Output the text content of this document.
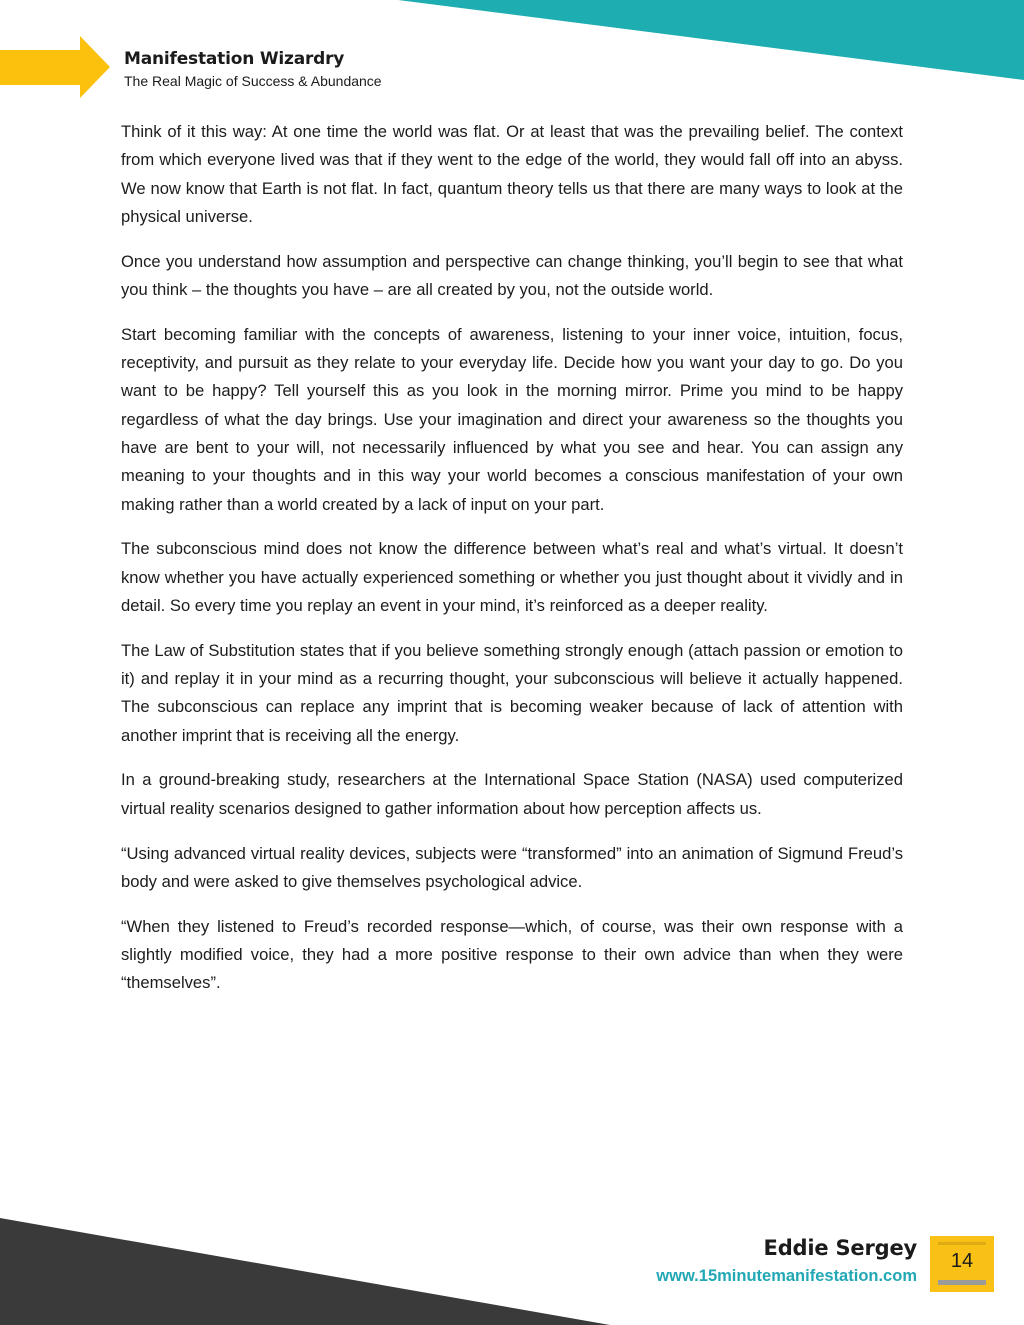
Manifestation Wizardry
The Real Magic of Success & Abundance

Think of it this way: At one time the world was flat. Or at least that was the prevailing belief. The context from which everyone lived was that if they went to the edge of the world, they would fall off into an abyss. We now know that Earth is not flat. In fact, quantum theory tells us that there are many ways to look at the physical universe.

Once you understand how assumption and perspective can change thinking, you’ll begin to see that what you think – the thoughts you have – are all created by you, not the outside world.

Start becoming familiar with the concepts of awareness, listening to your inner voice, intuition, focus, receptivity, and pursuit as they relate to your everyday life. Decide how you want your day to go. Do you want to be happy? Tell yourself this as you look in the morning mirror. Prime you mind to be happy regardless of what the day brings. Use your imagination and direct your awareness so the thoughts you have are bent to your will, not necessarily influenced by what you see and hear. You can assign any meaning to your thoughts and in this way your world becomes a conscious manifestation of your own making rather than a world created by a lack of input on your part.

The subconscious mind does not know the difference between what’s real and what’s virtual. It doesn’t know whether you have actually experienced something or whether you just thought about it vividly and in detail. So every time you replay an event in your mind, it’s reinforced as a deeper reality.

The Law of Substitution states that if you believe something strongly enough (attach passion or emotion to it) and replay it in your mind as a recurring thought, your subconscious will believe it actually happened. The subconscious can replace any imprint that is becoming weaker because of lack of attention with another imprint that is receiving all the energy.

In a ground-breaking study, researchers at the International Space Station (NASA) used computerized virtual reality scenarios designed to gather information about how perception affects us.

“Using advanced virtual reality devices, subjects were “transformed” into an animation of Sigmund Freud’s body and were asked to give themselves psychological advice.

“When they listened to Freud’s recorded response—which, of course, was their own response with a slightly modified voice, they had a more positive response to their own advice than when they were “themselves”.

Eddie Sergey
www.15minutemanifestation.com
14
